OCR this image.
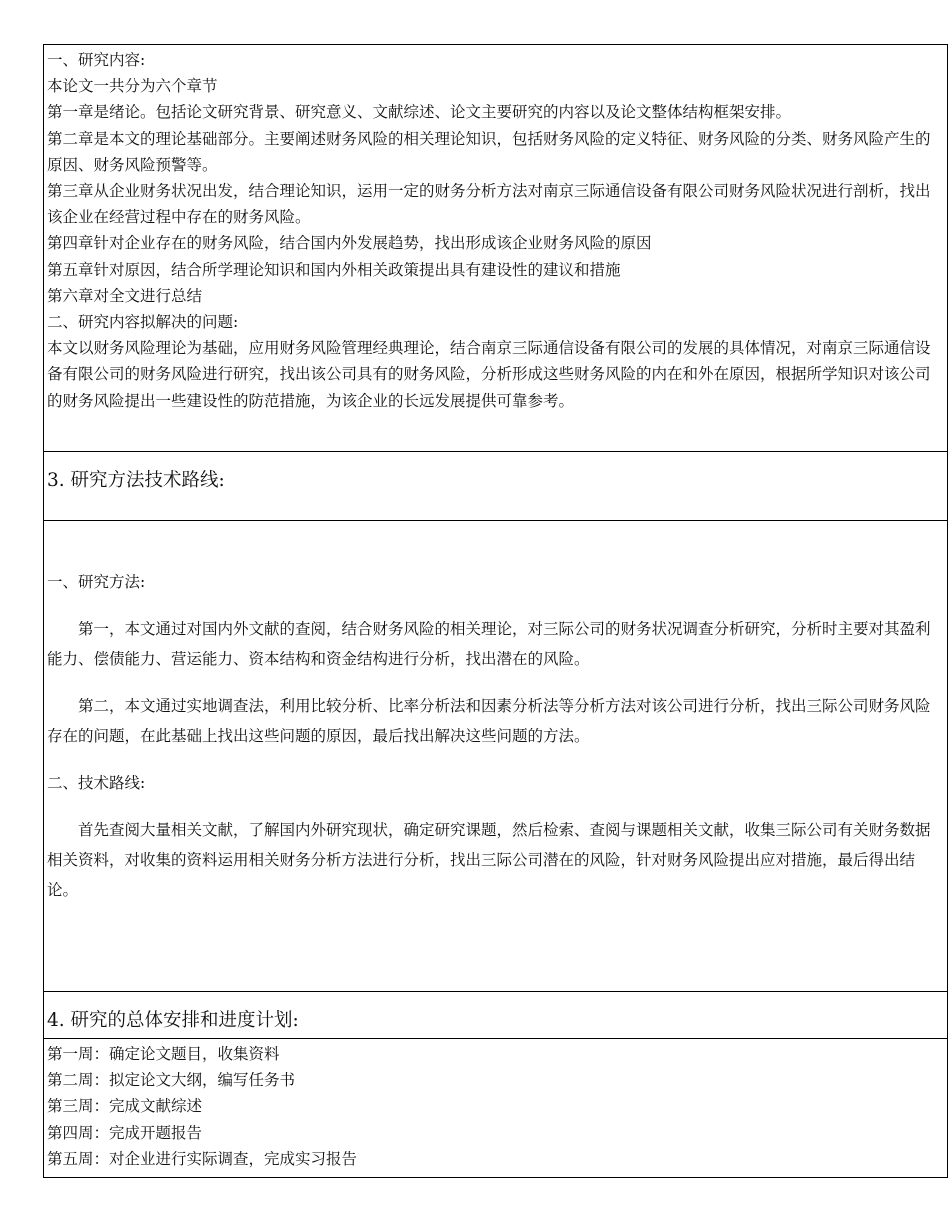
一、研究内容:

本论文一共分为六个章节

第一章是绪论。包括论文研究背景、研究意义、文献综述、论文主要研究的内容以及论文整体结构框架安排。

第二章是本文的理论基础部分。主要阐述财务风险的相关理论知识，包括财务风险的定义特征、财务风险的分类、财务风险产生的原因、财务风险预警等。

第三章从企业财务状况出发，结合理论知识，运用一定的财务分析方法对南京三际通信设备有限公司财务风险状况进行剖析，找出该企业在经营过程中存在的财务风险。

第四章针对企业存在的财务风险，结合国内外发展趋势，找出形成该企业财务风险的原因

第五章针对原因，结合所学理论知识和国内外相关政策提出具有建设性的建议和措施

第六章对全文进行总结

二、研究内容拟解决的问题:

本文以财务风险理论为基础，应用财务风险管理经典理论，结合南京三际通信设备有限公司的发展的具体情况，对南京三际通信设备有限公司的财务风险进行研究，找出该公司具有的财务风险，分析形成这些财务风险的内在和外在原因，根据所学知识对该公司的财务风险提出一些建设性的防范措施，为该企业的长远发展提供可靠参考。

3. 研究方法技术路线:

一、研究方法:

第一，本文通过对国内外文献的查阅，结合财务风险的相关理论，对三际公司的财务状况调查分析研究，分析时主要对其盈利能力、偿债能力、营运能力、资本结构和资金结构进行分析，找出潜在的风险。

第二，本文通过实地调查法，利用比较分析、比率分析法和因素分析法等分析方法对该公司进行分析，找出三际公司财务风险存在的问题，在此基础上找出这些问题的原因，最后找出解决这些问题的方法。

二、技术路线:

首先查阅大量相关文献，了解国内外研究现状，确定研究课题，然后检索、查阅与课题相关文献，收集三际公司有关财务数据相关资料，对收集的资料运用相关财务分析方法进行分析，找出三际公司潜在的风险，针对财务风险提出应对措施，最后得出结论。

4. 研究的总体安排和进度计划:

第一周：确定论文题目，收集资料

第二周：拟定论文大纲，编写任务书

第三周：完成文献综述

第四周：完成开题报告

第五周：对企业进行实际调查，完成实习报告
